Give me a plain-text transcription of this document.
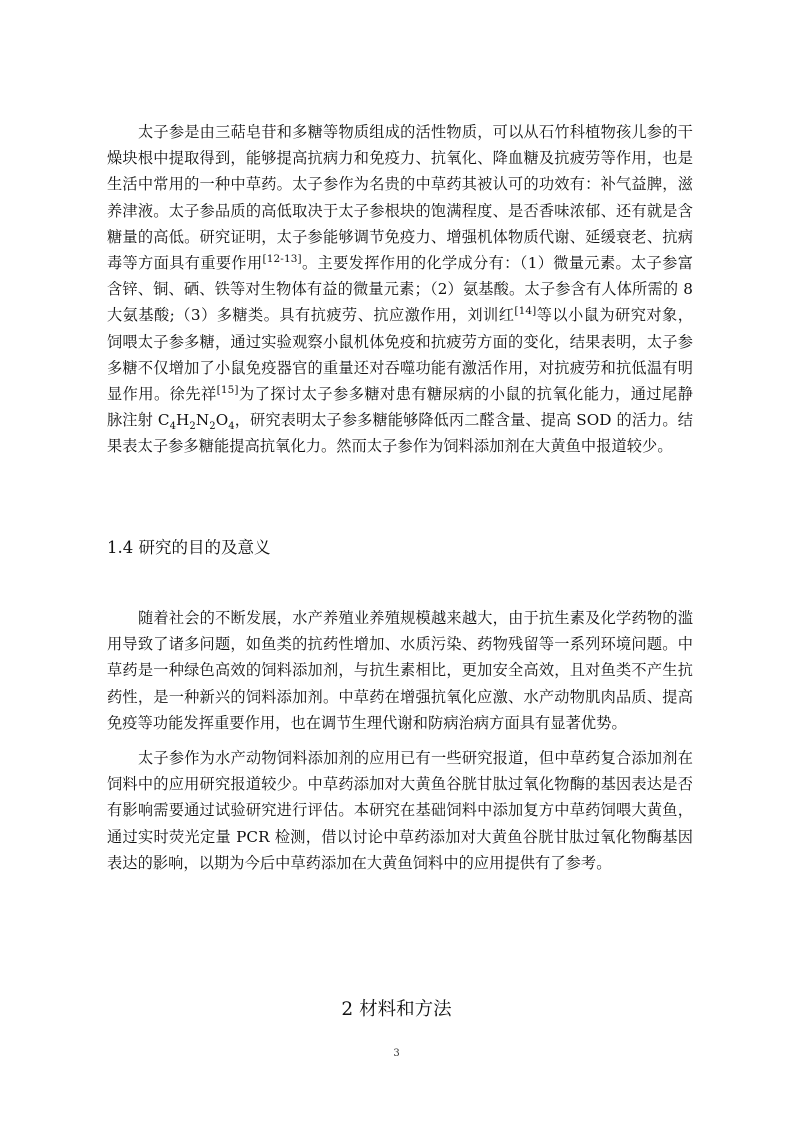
太子参是由三萜皂苷和多糖等物质组成的活性物质，可以从石竹科植物孩儿参的干燥块根中提取得到，能够提高抗病力和免疫力、抗氧化、降血糖及抗疲劳等作用，也是生活中常用的一种中草药。太子参作为名贵的中草药其被认可的功效有：补气益脾，滋养津液。太子参品质的高低取决于太子参根块的饱满程度、是否香味浓郁、还有就是含糖量的高低。研究证明，太子参能够调节免疫力、增强机体物质代谢、延缓衰老、抗病毒等方面具有重要作用[12-13]。主要发挥作用的化学成分有：（1）微量元素。太子参富含锌、铜、硒、铁等对生物体有益的微量元素；（2）氨基酸。太子参含有人体所需的 8 大氨基酸;（3）多糖类。具有抗疲劳、抗应激作用，刘训红[14]等以小鼠为研究对象，饲喂太子参多糖，通过实验观察小鼠机体免疫和抗疲劳方面的变化，结果表明，太子参多糖不仅增加了小鼠免疫器官的重量还对吞噬功能有激活作用，对抗疲劳和抗低温有明显作用。徐先祥[15]为了探讨太子参多糖对患有糖尿病的小鼠的抗氧化能力，通过尾静脉注射 $C_4H_2N_2O_4$，研究表明太子参多糖能够降低丙二醛含量、提高 SOD 的活力。结果表太子参多糖能提高抗氧化力。然而太子参作为饲料添加剂在大黄鱼中报道较少。

1.4 研究的目的及意义

随着社会的不断发展，水产养殖业养殖规模越来越大，由于抗生素及化学药物的滥用导致了诸多问题，如鱼类的抗药性增加、水质污染、药物残留等一系列环境问题。中草药是一种绿色高效的饲料添加剂，与抗生素相比，更加安全高效，且对鱼类不产生抗药性，是一种新兴的饲料添加剂。中草药在增强抗氧化应激、水产动物肌肉品质、提高免疫等功能发挥重要作用，也在调节生理代谢和防病治病方面具有显著优势。

太子参作为水产动物饲料添加剂的应用已有一些研究报道，但中草药复合添加剂在饲料中的应用研究报道较少。中草药添加对大黄鱼谷胱甘肽过氧化物酶的基因表达是否有影响需要通过试验研究进行评估。本研究在基础饲料中添加复方中草药饲喂大黄鱼，通过实时荧光定量 PCR 检测，借以讨论中草药添加对大黄鱼谷胱甘肽过氧化物酶基因表达的影响，以期为今后中草药添加在大黄鱼饲料中的应用提供有了参考。

2 材料和方法
3
